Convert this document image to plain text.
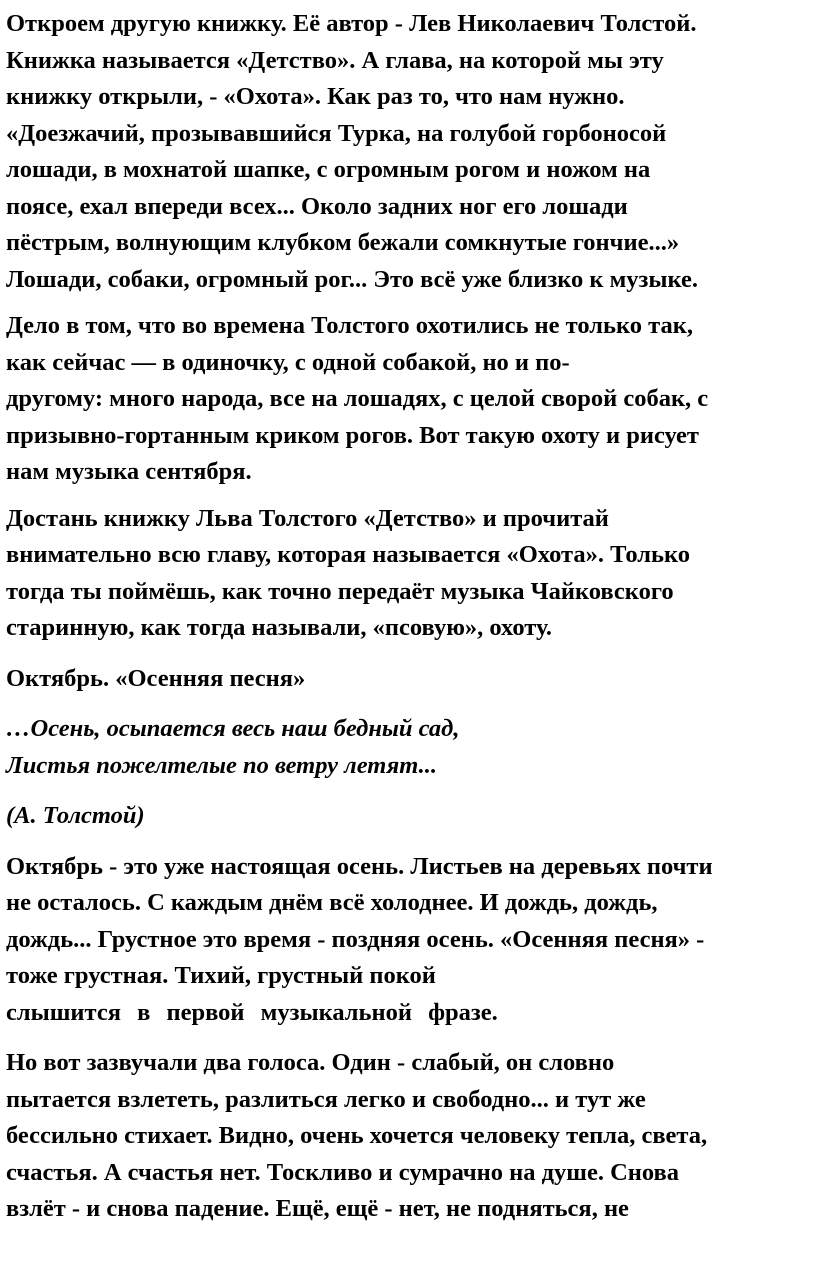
Откроем другую книжку. Её автор - Лев Николаевич Толстой.
Книжка называется «Детство». А глава, на которой мы эту
книжку открыли, - «Охота». Как раз то, что нам нужно.
«Доезжачий, прозывавшийся Турка, на голубой горбоносой
лошади, в мохнатой шапке, с огромным рогом и ножом на
поясе, ехал впереди всех... Около задних ног его лошади
пёстрым, волнующим клубком бежали сомкнутые гончие...»
Лошади, собаки, огромный рог... Это всё уже близко к музыке.

Дело в том, что во времена Толстого охотились не только так,
как сейчас — в одиночку, с одной собакой, но и по-
другому: много народа, все на лошадях, с целой сворой собак, с
призывно-гортанным криком рогов. Вот такую охоту и рисует
нам музыка сентября.

Достань книжку Льва Толстого «Детство» и прочитай
внимательно всю главу, которая называется «Охота». Только
тогда ты поймёшь, как точно передаёт музыка Чайковского
старинную, как тогда называли, «псовую», охоту.

Октябрь. «Осенняя песня»

…Осень, осыпается весь наш бедный сад,
Листья пожелтелые по ветру летят...

(А. Толстой)

Октябрь - это уже настоящая осень. Листьев на деревьях почти
не осталось. С каждым днём всё холоднее. И дождь, дождь,
дождь... Грустное это время - поздняя осень. «Осенняя песня» -
тоже грустная. Тихий, грустный покой
слышится в первой музыкальной фразе.

Но вот зазвучали два голоса. Один - слабый, он словно
пытается взлететь, разлиться легко и свободно... и тут же
бессильно стихает. Видно, очень хочется человеку тепла, света,
счастья. А счастья нет. Тоскливо и сумрачно на душе. Снова
взлёт - и снова падение. Ещё, ещё - нет, не подняться, не
